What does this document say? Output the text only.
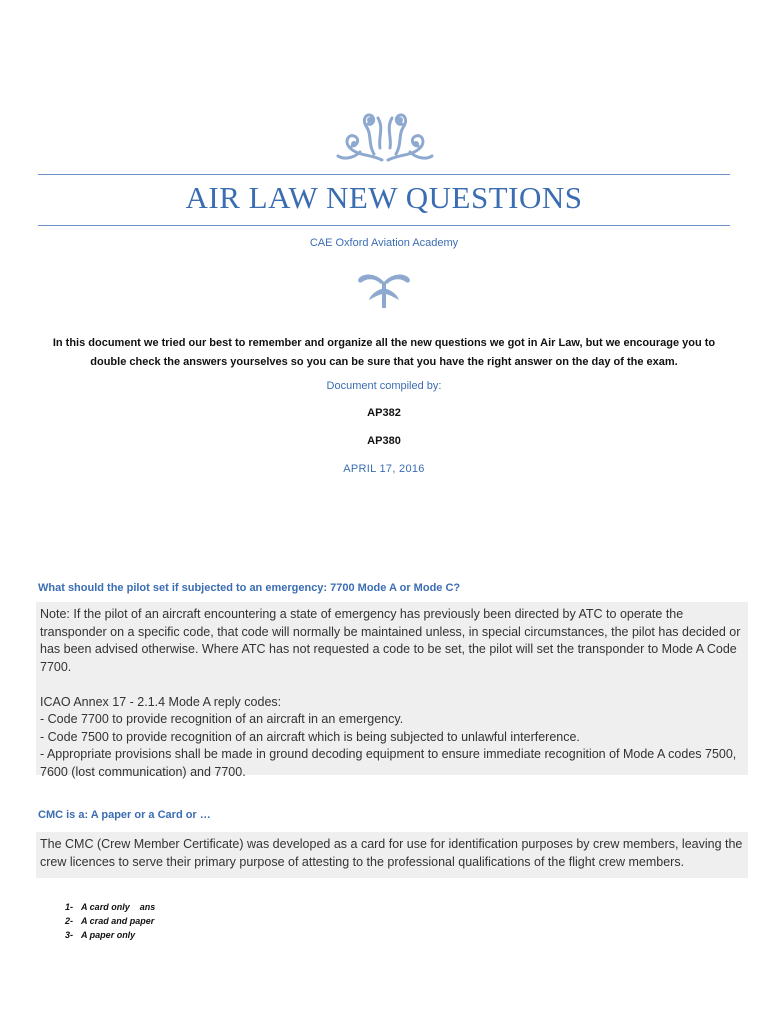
AIR LAW NEW QUESTIONS
CAE Oxford Aviation Academy
In this document we tried our best to remember and organize all the new questions we got in Air Law, but we encourage you to double check the answers yourselves so you can be sure that you have the right answer on the day of the exam.
Document compiled by:
AP382
AP380
APRIL 17, 2016
What should the pilot set if subjected to an emergency: 7700 Mode A or Mode C?
Note: If the pilot of an aircraft encountering a state of emergency has previously been directed by ATC to operate the transponder on a specific code, that code will normally be maintained unless, in special circumstances, the pilot has decided or has been advised otherwise. Where ATC has not requested a code to be set, the pilot will set the transponder to Mode A Code 7700.

ICAO Annex 17 - 2.1.4 Mode A reply codes:
- Code 7700 to provide recognition of an aircraft in an emergency.
- Code 7500 to provide recognition of an aircraft which is being subjected to unlawful interference.
- Appropriate provisions shall be made in ground decoding equipment to ensure immediate recognition of Mode A codes 7500, 7600 (lost communication) and 7700.
CMC is a: A paper or a Card or …
The CMC (Crew Member Certificate) was developed as a card for use for identification purposes by crew members, leaving the crew licences to serve their primary purpose of attesting to the professional qualifications of the flight crew members.

1- A card only    ans

2- A crad and paper

3- A paper only
